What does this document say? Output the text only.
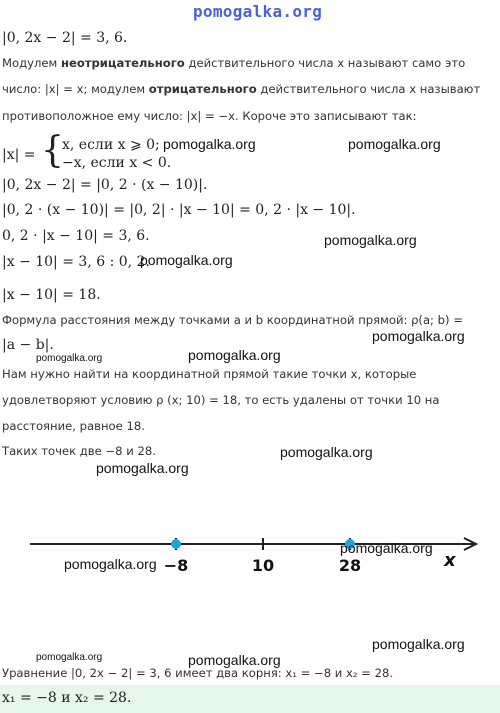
pomogalka.org
|0, 2x − 2| = 3, 6.
Модулем неотрицательного действительного числа x называют само это
число: |x| = x; модулем отрицательного действительного числа x называют
противоположное ему число: |x| = −x. Короче это записывают так:
|x| = {
x, если x ⩾ 0;
−x, если x < 0.
|0, 2x − 2| = |0, 2 · (x − 10)|.
|0, 2 · (x − 10)| = |0, 2| · |x − 10| = 0, 2 · |x − 10|.
0, 2 · |x − 10| = 3, 6.
|x − 10| = 3, 6 : 0, 2.
|x − 10| = 18.
Формула расстояния между точками a и b координатной прямой: ρ(a; b) =
|a − b|.
Нам нужно найти на координатной прямой такие точки x, которые
удовлетворяют условию ρ (x; 10) = 18, то есть удалены от точки 10 на
расстояние, равное 18.
Таких точек две −8 и 28.
−8	10	28	x
Уравнение |0, 2x − 2| = 3, 6 имеет два корня: x₁ = −8 и x₂ = 28.
x₁ = −8 и x₂ = 28.
pomogalka.org	pomogalka.org
pomogalka.org
pomogalka.org
pomogalka.org
pomogalka.org	pomogalka.org
pomogalka.org
pomogalka.org
pomogalka.org
pomogalka.org
pomogalka.org
pomogalka.org	pomogalka.org
